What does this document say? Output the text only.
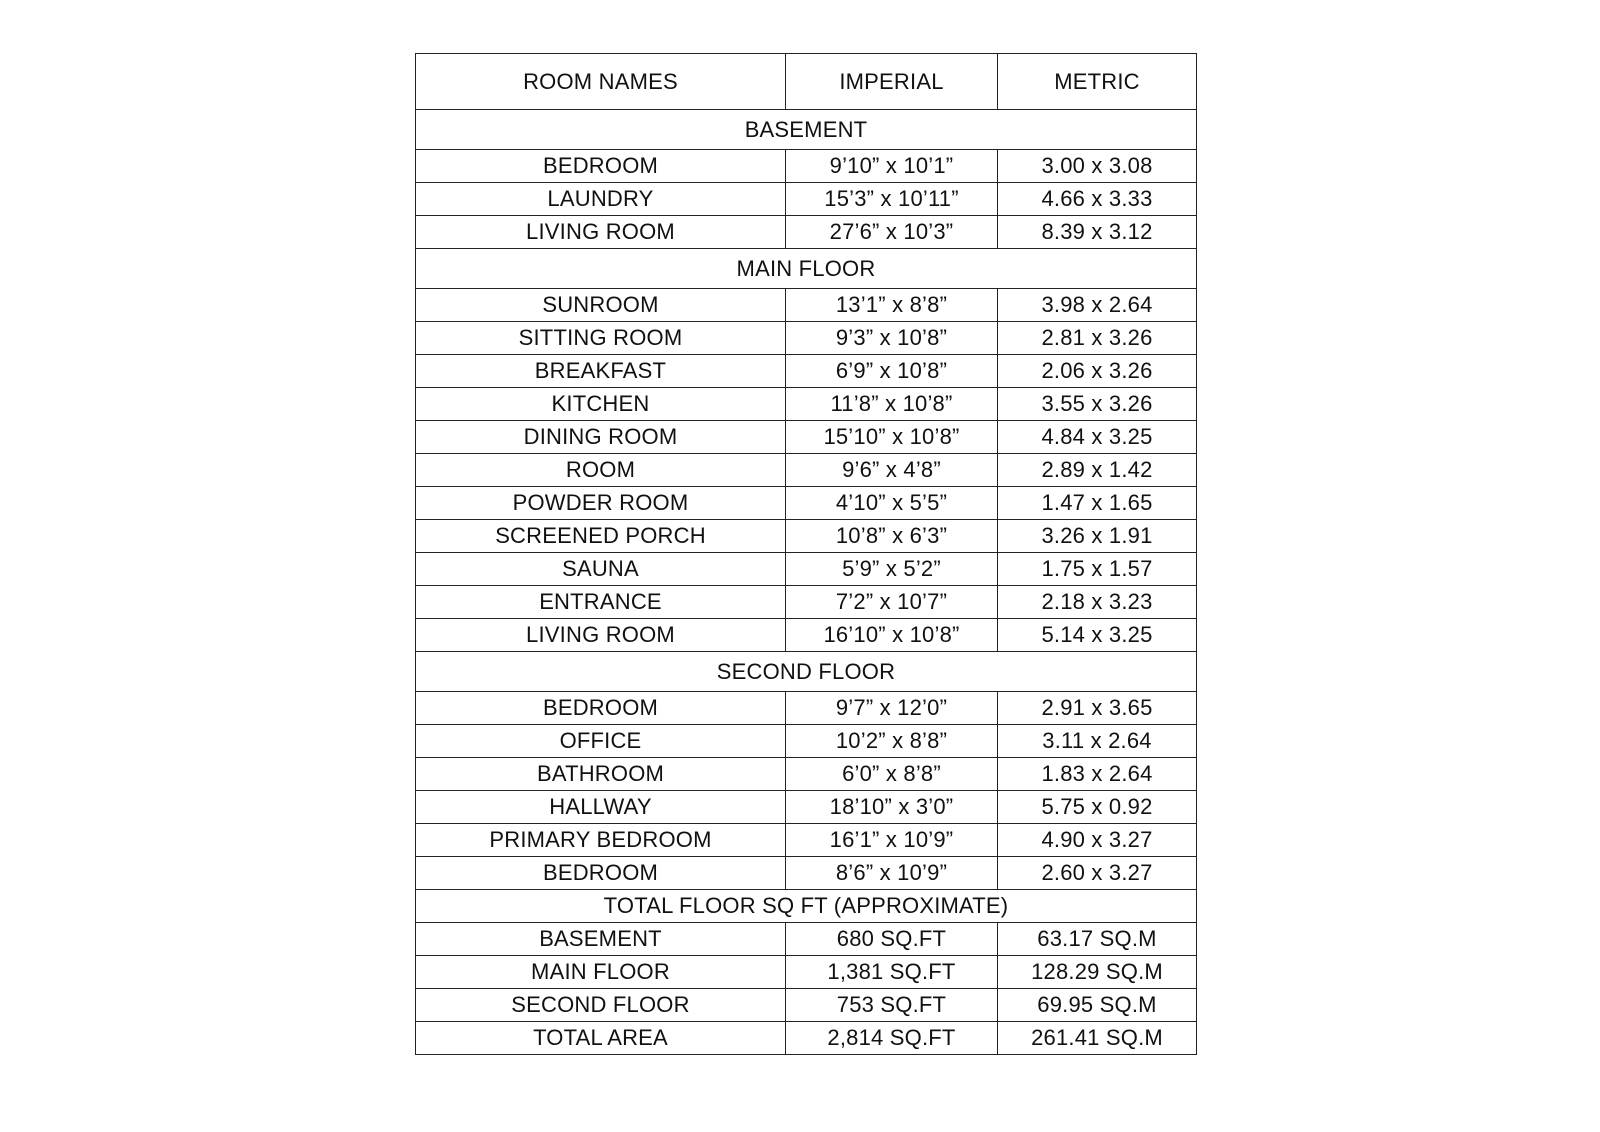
ROOM NAMES	IMPERIAL	METRIC
BASEMENT		
BEDROOM	9’10” x 10’1”	3.00 x 3.08
LAUNDRY	15’3” x 10’11”	4.66 x 3.33
LIVING ROOM	27’6” x 10’3”	8.39 x 3.12
MAIN FLOOR		
SUNROOM	13’1” x 8’8”	3.98 x 2.64
SITTING ROOM	9’3” x 10’8”	2.81 x 3.26
BREAKFAST	6’9” x 10’8”	2.06 x 3.26
KITCHEN	11’8” x 10’8”	3.55 x 3.26
DINING ROOM	15’10” x 10’8”	4.84 x 3.25
ROOM	9’6” x 4’8”	2.89 x 1.42
POWDER ROOM	4’10” x 5’5”	1.47 x 1.65
SCREENED PORCH	10’8” x 6’3”	3.26 x 1.91
SAUNA	5’9” x 5’2”	1.75 x 1.57
ENTRANCE	7’2” x 10’7”	2.18 x 3.23
LIVING ROOM	16’10” x 10’8”	5.14 x 3.25
SECOND FLOOR		
BEDROOM	9’7” x 12’0”	2.91 x 3.65
OFFICE	10’2” x 8’8”	3.11 x 2.64
BATHROOM	6’0” x 8’8”	1.83 x 2.64
HALLWAY	18’10” x 3’0”	5.75 x 0.92
PRIMARY BEDROOM	16’1” x 10’9”	4.90 x 3.27
BEDROOM	8’6” x 10’9”	2.60 x 3.27
TOTAL FLOOR SQ FT (APPROXIMATE)		
BASEMENT	680 SQ.FT	63.17 SQ.M
MAIN FLOOR	1,381 SQ.FT	128.29 SQ.M
SECOND FLOOR	753 SQ.FT	69.95 SQ.M
TOTAL AREA	2,814 SQ.FT	261.41 SQ.M
